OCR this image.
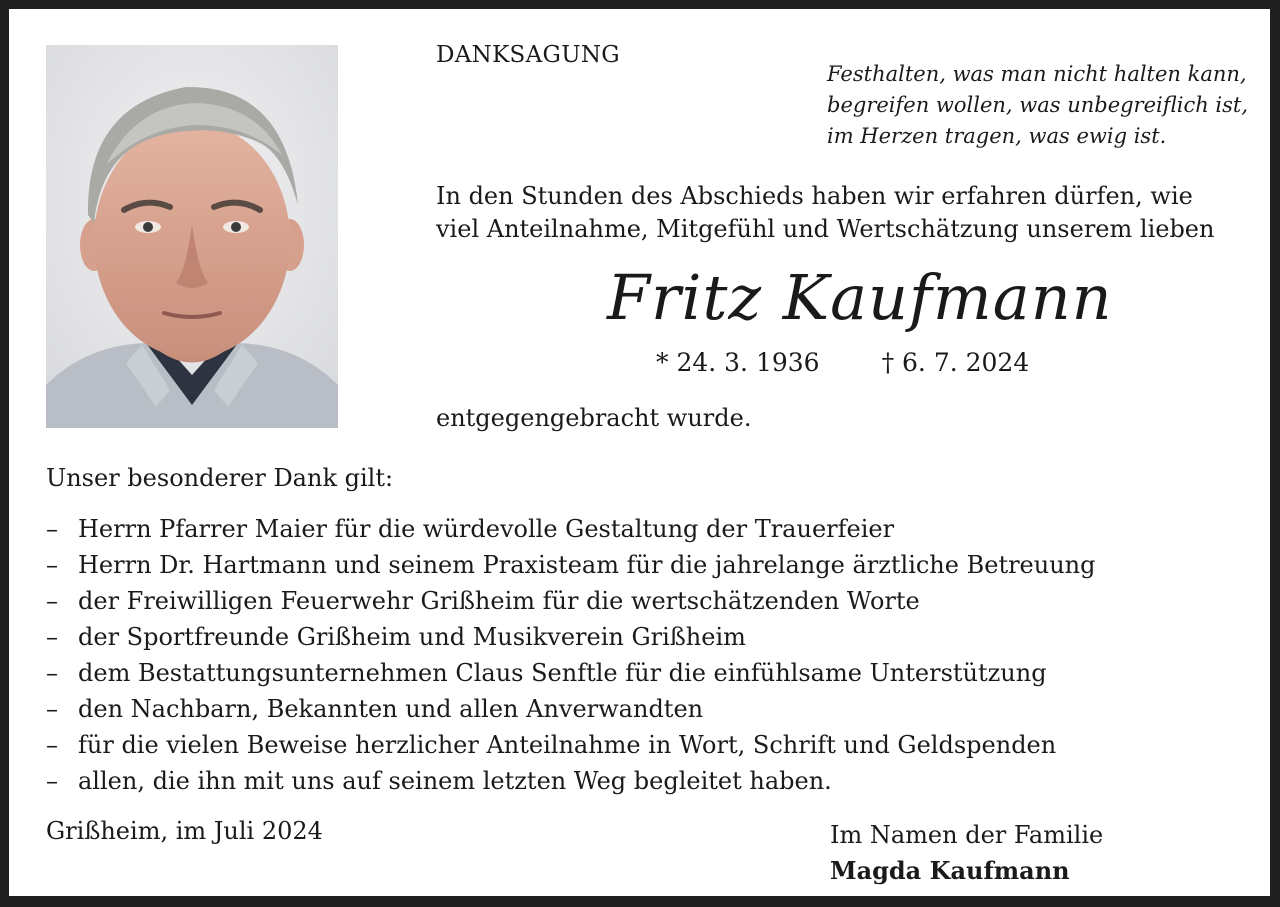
DANKSAGUNG
Festhalten, was man nicht halten kann,
begreifen wollen, was unbegreiflich ist,
im Herzen tragen, was ewig ist.
In den Stunden des Abschieds haben wir erfahren dürfen, wie
viel Anteilnahme, Mitgefühl und Wertschätzung unserem lieben
Fritz Kaufmann
* 24. 3. 1936 † 6. 7. 2024
entgegengebracht wurde.
Unser besonderer Dank gilt:
– Herrn Pfarrer Maier für die würdevolle Gestaltung der Trauerfeier
– Herrn Dr. Hartmann und seinem Praxisteam für die jahrelange ärztliche Betreuung
– der Freiwilligen Feuerwehr Grißheim für die wertschätzenden Worte
– der Sportfreunde Grißheim und Musikverein Grißheim
– dem Bestattungsunternehmen Claus Senftle für die einfühlsame Unterstützung
– den Nachbarn, Bekannten und allen Anverwandten
– für die vielen Beweise herzlicher Anteilnahme in Wort, Schrift und Geldspenden
– allen, die ihn mit uns auf seinem letzten Weg begleitet haben.
Grißheim, im Juli 2024	Im Namen der Familie
Magda Kaufmann
